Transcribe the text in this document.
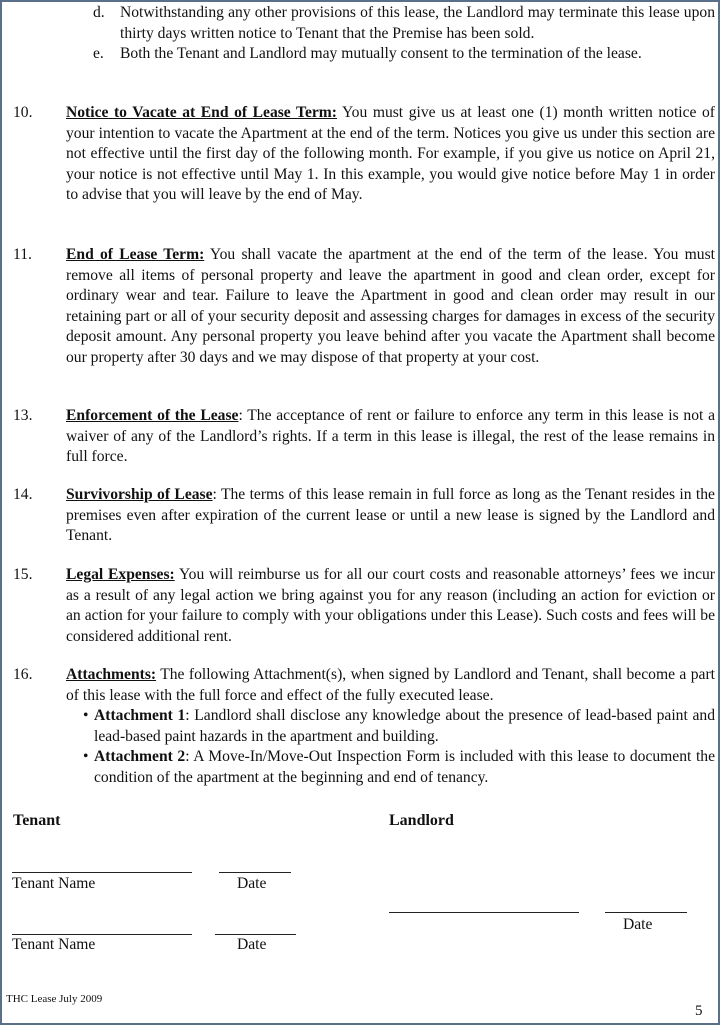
d. Notwithstanding any other provisions of this lease, the Landlord may terminate this lease upon thirty days written notice to Tenant that the Premise has been sold.
e. Both the Tenant and Landlord may mutually consent to the termination of the lease.
10. Notice to Vacate at End of Lease Term: You must give us at least one (1) month written notice of your intention to vacate the Apartment at the end of the term. Notices you give us under this section are not effective until the first day of the following month. For example, if you give us notice on April 21, your notice is not effective until May 1. In this example, you would give notice before May 1 in order to advise that you will leave by the end of May.
11. End of Lease Term: You shall vacate the apartment at the end of the term of the lease. You must remove all items of personal property and leave the apartment in good and clean order, except for ordinary wear and tear. Failure to leave the Apartment in good and clean order may result in our retaining part or all of your security deposit and assessing charges for damages in excess of the security deposit amount. Any personal property you leave behind after you vacate the Apartment shall become our property after 30 days and we may dispose of that property at your cost.
13. Enforcement of the Lease: The acceptance of rent or failure to enforce any term in this lease is not a waiver of any of the Landlord’s rights. If a term in this lease is illegal, the rest of the lease remains in full force.
14. Survivorship of Lease: The terms of this lease remain in full force as long as the Tenant resides in the premises even after expiration of the current lease or until a new lease is signed by the Landlord and Tenant.
15. Legal Expenses: You will reimburse us for all our court costs and reasonable attorneys’ fees we incur as a result of any legal action we bring against you for any reason (including an action for eviction or an action for your failure to comply with your obligations under this Lease). Such costs and fees will be considered additional rent.
16. Attachments: The following Attachment(s), when signed by Landlord and Tenant, shall become a part of this lease with the full force and effect of the fully executed lease.
• Attachment 1: Landlord shall disclose any knowledge about the presence of lead-based paint and lead-based paint hazards in the apartment and building.
• Attachment 2: A Move-In/Move-Out Inspection Form is included with this lease to document the condition of the apartment at the beginning and end of tenancy.
Tenant	Landlord
Tenant Name	Date
Date
Tenant Name	Date
THC Lease July 2009
5
